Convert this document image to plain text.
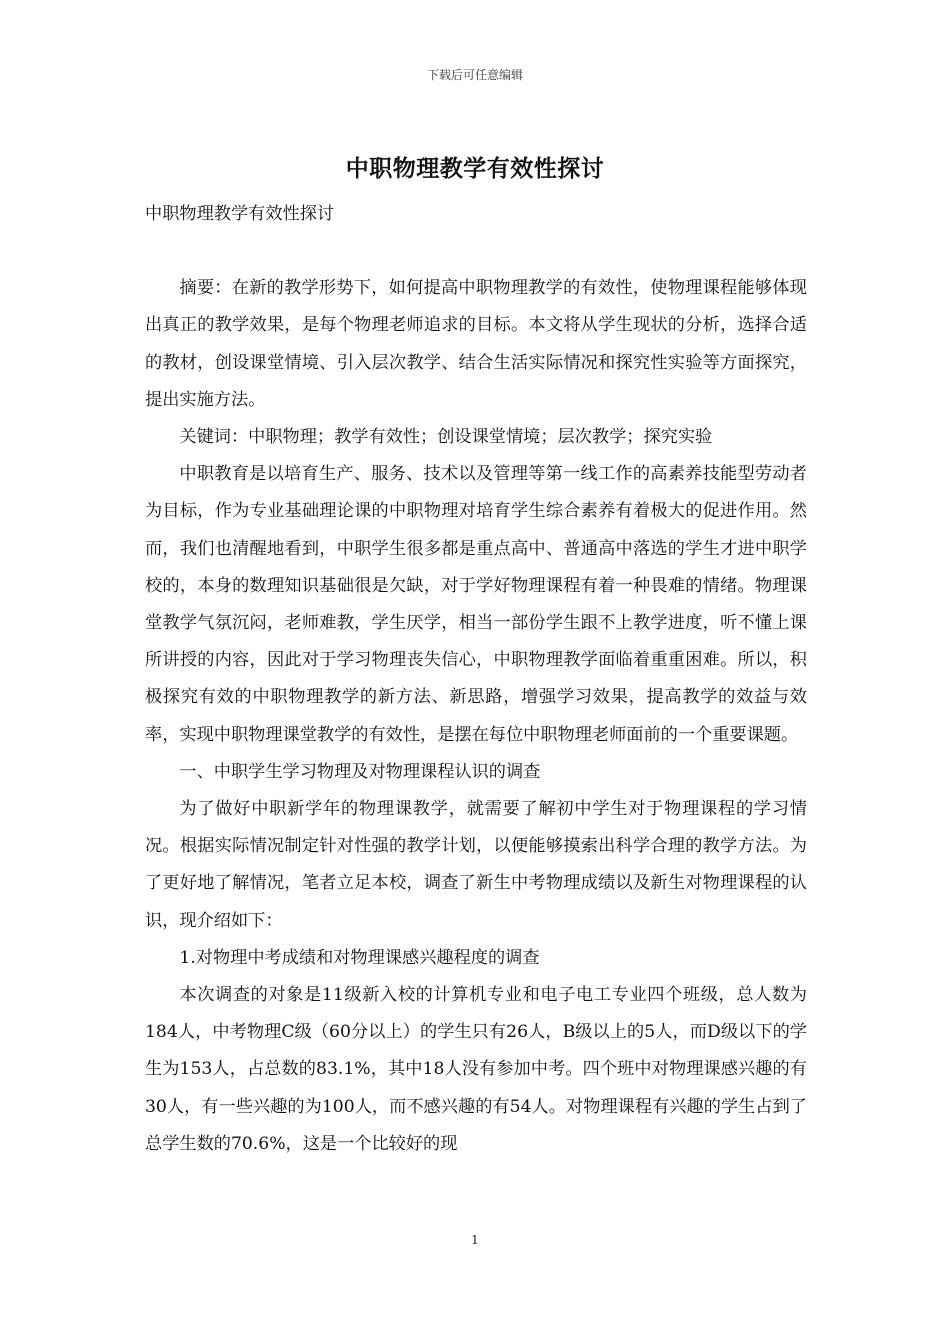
下载后可任意编辑
中职物理教学有效性探讨

中职物理教学有效性探讨

摘要：在新的教学形势下，如何提高中职物理教学的有效性，使物理课程能够体现出真正的教学效果，是每个物理老师追求的目标。本文将从学生现状的分析，选择合适的教材，创设课堂情境、引入层次教学、结合生活实际情况和探究性实验等方面探究，提出实施方法。

关键词：中职物理；教学有效性；创设课堂情境；层次教学；探究实验

中职教育是以培育生产、服务、技术以及管理等第一线工作的高素养技能型劳动者为目标，作为专业基础理论课的中职物理对培育学生综合素养有着极大的促进作用。然而，我们也清醒地看到，中职学生很多都是重点高中、普通高中落选的学生才进中职学校的，本身的数理知识基础很是欠缺，对于学好物理课程有着一种畏难的情绪。物理课堂教学气氛沉闷，老师难教，学生厌学，相当一部份学生跟不上教学进度，听不懂上课所讲授的内容，因此对于学习物理丧失信心，中职物理教学面临着重重困难。所以，积极探究有效的中职物理教学的新方法、新思路，增强学习效果，提高教学的效益与效率，实现中职物理课堂教学的有效性，是摆在每位中职物理老师面前的一个重要课题。

一、中职学生学习物理及对物理课程认识的调查

为了做好中职新学年的物理课教学，就需要了解初中学生对于物理课程的学习情况。根据实际情况制定针对性强的教学计划，以便能够摸索出科学合理的教学方法。为了更好地了解情况，笔者立足本校，调查了新生中考物理成绩以及新生对物理课程的认识，现介绍如下：

1.对物理中考成绩和对物理课感兴趣程度的调查

本次调查的对象是11级新入校的计算机专业和电子电工专业四个班级，总人数为184人，中考物理C级（60分以上）的学生只有26人，B级以上的5人，而D级以下的学生为153人，占总数的83.1%，其中18人没有参加中考。四个班中对物理课感兴趣的有30人，有一些兴趣的为100人，而不感兴趣的有54人。对物理课程有兴趣的学生占到了总学生数的70.6%，这是一个比较好的现

1
